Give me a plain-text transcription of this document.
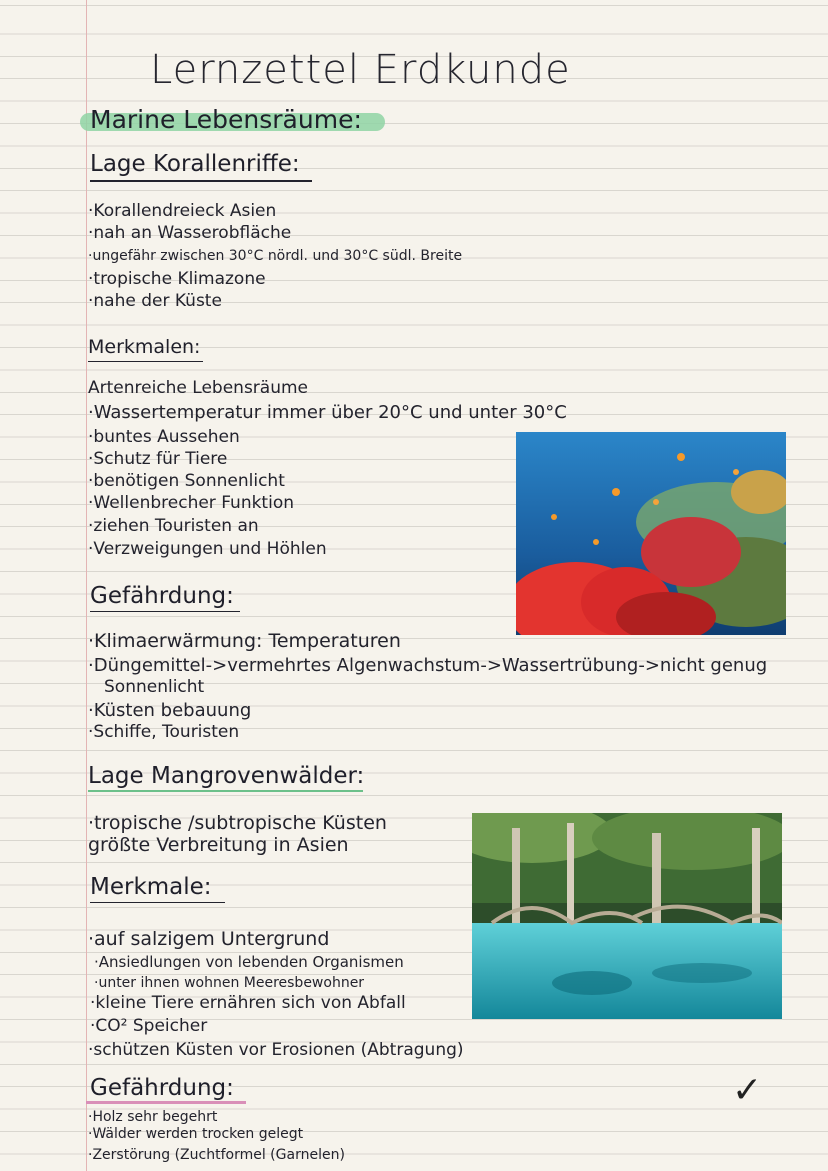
Lernzettel Erdkunde
Marine Lebensräume:
Lage Korallenriffe:
·Korallendreieck Asien
·nah an Wasserobfläche
·ungefähr zwischen 30°C nördl. und 30°C südl. Breite
·tropische Klimazone
·nahe der Küste
Merkmalen:
Artenreiche Lebensräume
·Wassertemperatur immer über 20°C und unter 30°C
·buntes Aussehen
·Schutz für Tiere
·benötigen Sonnenlicht
·Wellenbrecher Funktion
·ziehen Touristen an
·Verzweigungen und Höhlen
Gefährdung:
·Klimaerwärmung: Temperaturen
·Düngemittel->vermehrtes Algenwachstum->Wassertrübung->nicht genug
Sonnenlicht
·Küsten bebauung
·Schiffe, Touristen
Lage Mangrovenwälder:
·tropische /subtropische Küsten
größte Verbreitung in Asien
Merkmale:
·auf salzigem Untergrund
·Ansiedlungen von lebenden Organismen
·unter ihnen wohnen Meeresbewohner
·kleine Tiere ernähren sich von Abfall
·CO² Speicher
·schützen Küsten vor Erosionen (Abtragung)
Gefährdung:
·Holz sehr begehrt
·Wälder werden trocken gelegt
·Zerstörung (Zuchtformel (Garnelen)
✓
